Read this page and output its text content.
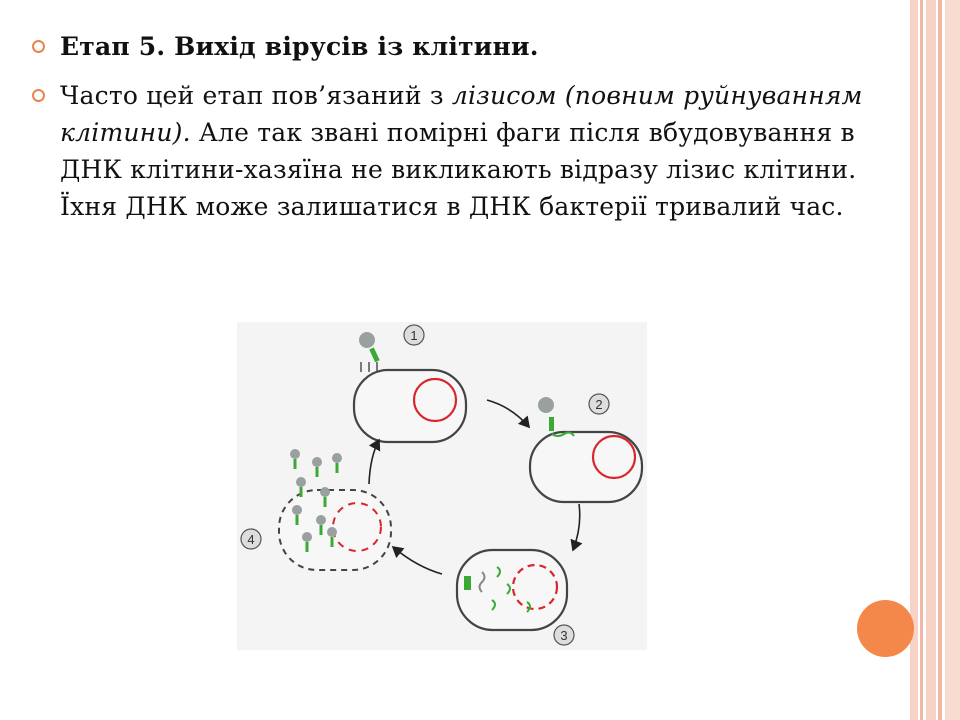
Етап 5. Вихід вірусів із клітини.
Часто цей етап пов’язаний з лізисом (повним руйнуванням клітини). Але так звані помірні фаги після вбудовування в ДНК клітини-хазяїна не викликають відразу лізис клітини. Їхня ДНК може залишатися в ДНК бактерії тривалий час.
1
2
3
4
